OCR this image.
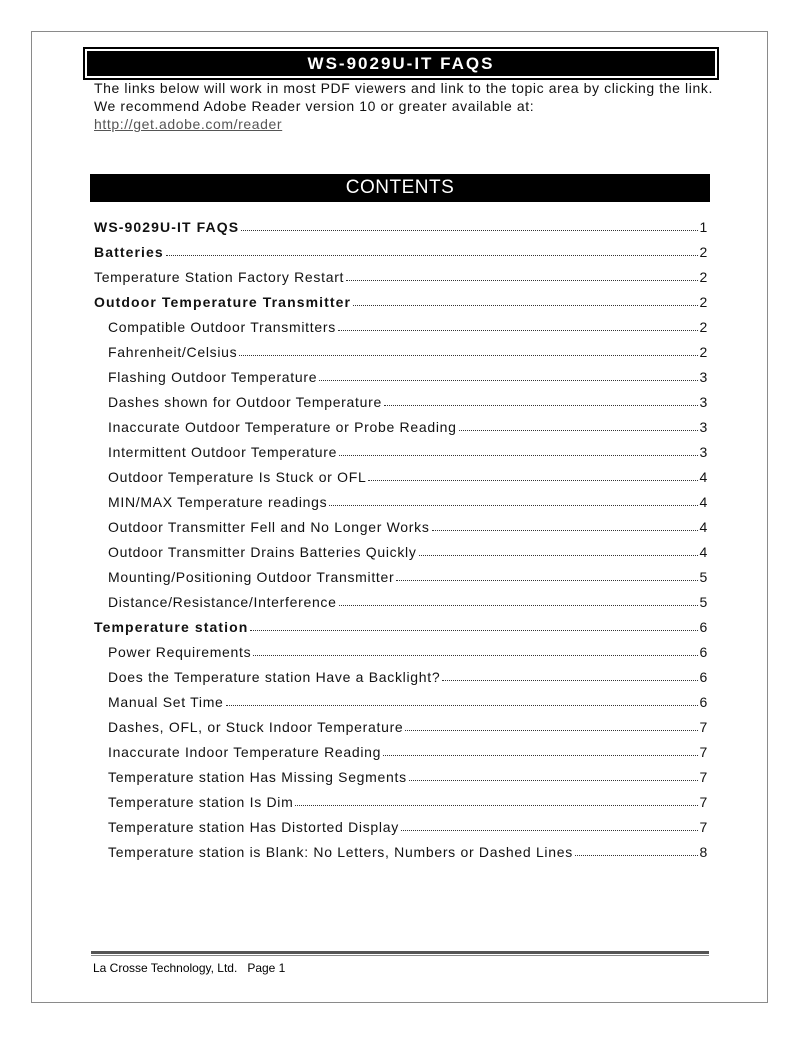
WS-9029U-IT FAQS
The links below will work in most PDF viewers and link to the topic area by clicking the link. We recommend Adobe Reader version 10 or greater available at:
http://get.adobe.com/reader
CONTENTS
WS-9029U-IT FAQS	1
Batteries	2
Temperature Station Factory Restart	2
Outdoor Temperature Transmitter	2
Compatible Outdoor Transmitters	2
Fahrenheit/Celsius	2
Flashing Outdoor Temperature	3
Dashes shown for Outdoor Temperature	3
Inaccurate Outdoor Temperature or Probe Reading	3
Intermittent Outdoor Temperature	3
Outdoor Temperature Is Stuck or OFL	4
MIN/MAX Temperature readings	4
Outdoor Transmitter Fell and No Longer Works	4
Outdoor Transmitter Drains Batteries Quickly	4
Mounting/Positioning Outdoor Transmitter	5
Distance/Resistance/Interference	5
Temperature station	6
Power Requirements	6
Does the Temperature station Have a Backlight?	6
Manual Set Time	6
Dashes, OFL, or Stuck Indoor Temperature	7
Inaccurate Indoor Temperature Reading	7
Temperature station Has Missing Segments	7
Temperature station Is Dim	7
Temperature station Has Distorted Display	7
Temperature station is Blank: No Letters, Numbers or Dashed Lines	8
La Crosse Technology, Ltd. Page 1
